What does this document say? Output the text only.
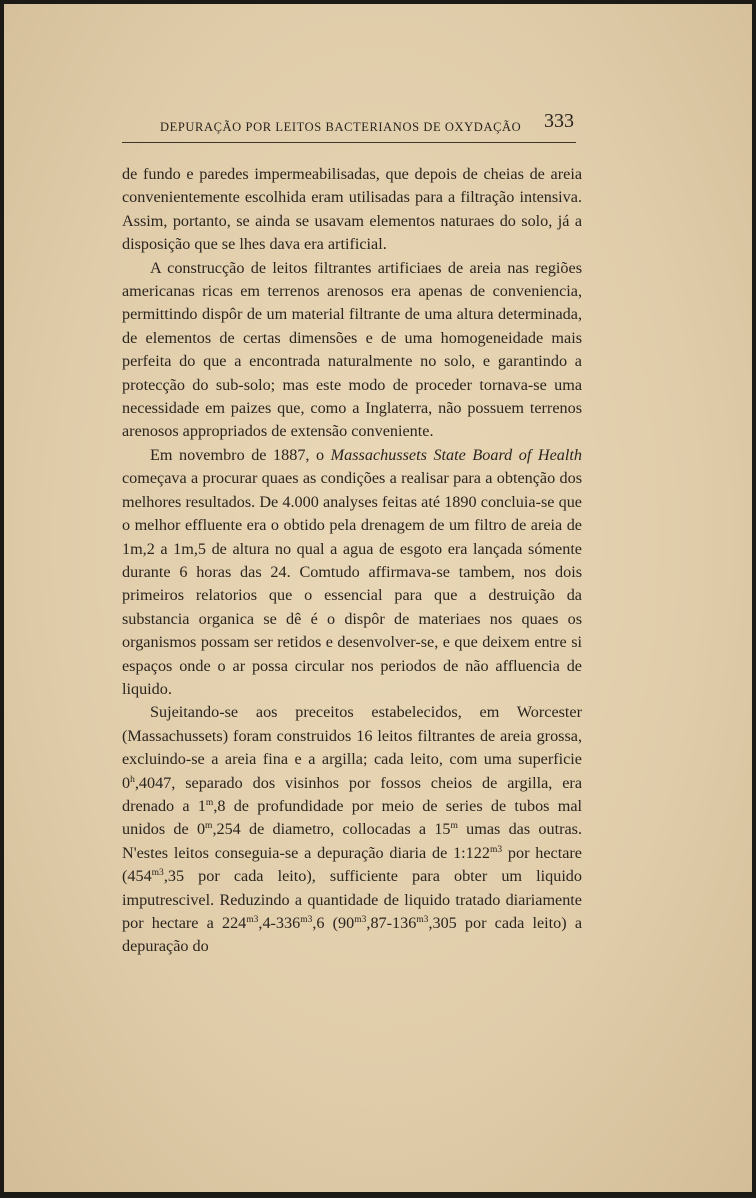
DEPURAÇÃO POR LEITOS BACTERIANOS DE OXYDAÇÃO 333

de fundo e paredes impermeabilisadas, que depois de cheias de areia convenientemente escolhida eram utilisadas para a filtração intensiva. Assim, portanto, se ainda se usavam elementos naturaes do solo, já a disposição que se lhes dava era artificial.

A construcção de leitos filtrantes artificiaes de areia nas regiões americanas ricas em terrenos arenosos era apenas de conveniencia, permittindo dispôr de um material filtrante de uma altura determinada, de elementos de certas dimensões e de uma homogeneidade mais perfeita do que a encontrada naturalmente no solo, e garantindo a protecção do sub-solo; mas este modo de proceder tornava-se uma necessidade em paizes que, como a Inglaterra, não possuem terrenos arenosos appropriados de extensão conveniente.

Em novembro de 1887, o Massachussets State Board of Health começava a procurar quaes as condições a realisar para a obtenção dos melhores resultados. De 4.000 analyses feitas até 1890 concluia-se que o melhor effluente era o obtido pela drenagem de um filtro de areia de 1m,2 a 1m,5 de altura no qual a agua de esgoto era lançada sómente durante 6 horas das 24. Comtudo affirmava-se tambem, nos dois primeiros relatorios que o essencial para que a destruição da substancia organica se dê é o dispôr de materiaes nos quaes os organismos possam ser retidos e desenvolver-se, e que deixem entre si espaços onde o ar possa circular nos periodos de não affluencia de liquido.

Sujeitando-se aos preceitos estabelecidos, em Worcester (Massachussets) foram construidos 16 leitos filtrantes de areia grossa, excluindo-se a areia fina e a argilla; cada leito, com uma superficie 0$^h$,4047, separado dos visinhos por fossos cheios de argilla, era drenado a 1$^m$,8 de profundidade por meio de series de tubos mal unidos de 0$^m$,254 de diametro, collocadas a 15$^m$ umas das outras. N'estes leitos conseguia-se a depuração diaria de $1:122^{m3}$ por hectare ($454^{m3},35$ por cada leito), sufficiente para obter um liquido imputrescivel. Reduzindo a quantidade de liquido tratado diariamente por hectare a $224^{m3},4-336^{m3},6$ ($90^{m3},87-136^{m3},305$ por cada leito) a depuração do
